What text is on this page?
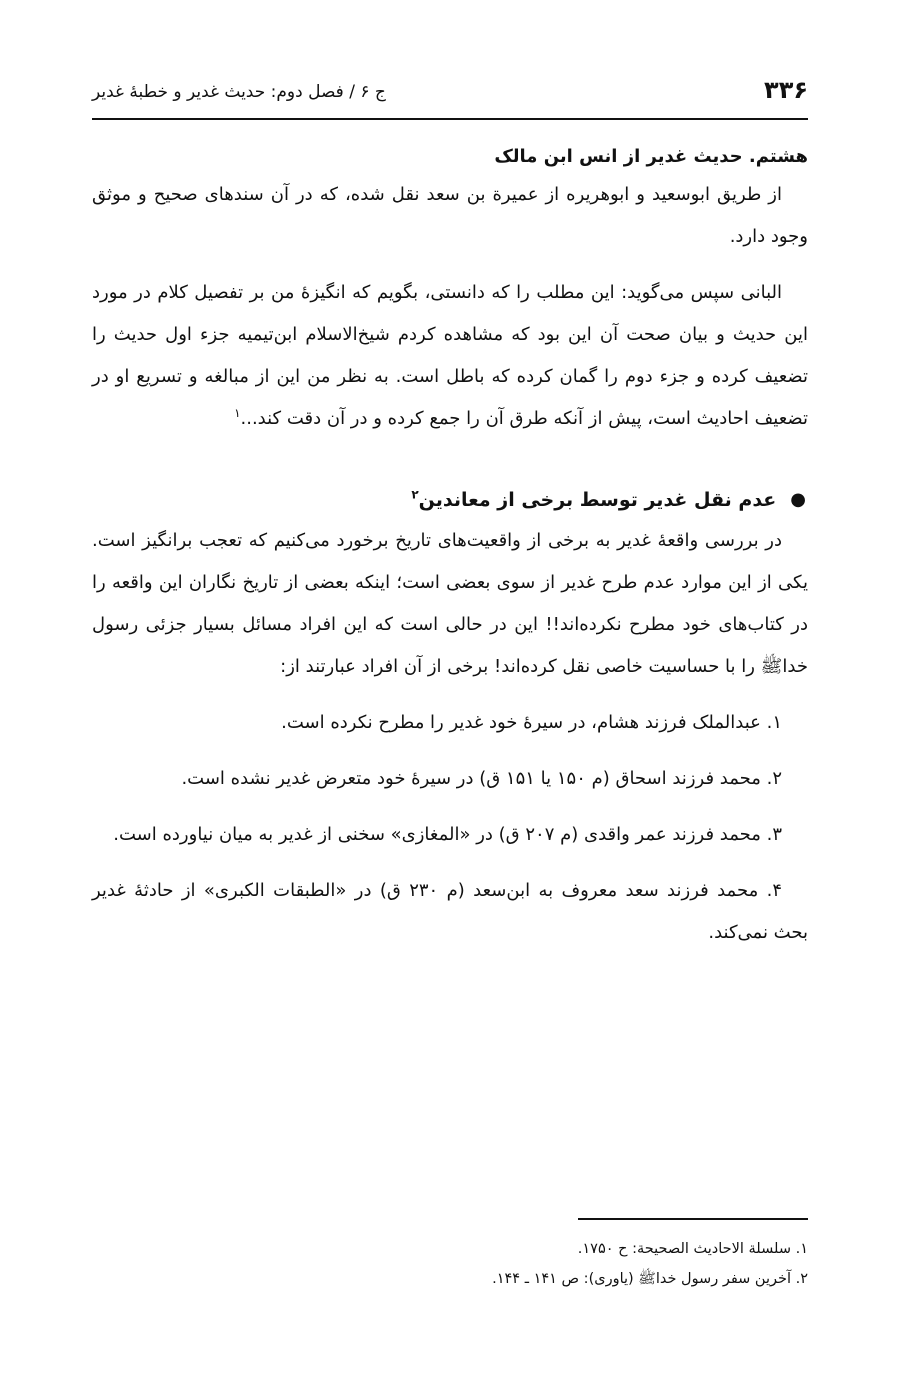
۳۳۶
ج ۶ / فصل دوم: حدیث غدیر و خطبهٔ غدیر

هشتم. حدیث غدیر از انس ابن مالک

از طریق ابوسعید و ابوهریره از عمیرة بن سعد نقل شده، که در آن سندهای صحیح و موثق وجود دارد.

البانی سپس می‌گوید: این مطلب را که دانستی، بگویم که انگیزهٔ من بر تفصیل کلام در مورد این حدیث و بیان صحت آن این بود که مشاهده کردم شیخ‌الاسلام ابن‌تیمیه جزء اول حدیث را تضعیف کرده و جزء دوم را گمان کرده که باطل است. به نظر من این از مبالغه و تسریع او در تضعیف احادیث است، پیش از آنکه طرق آن را جمع کرده و در آن دقت کند...$^۱$

●
عدم نقل غدیر توسط برخی از معاندین$^۲$

در بررسی واقعهٔ غدیر به برخی از واقعیت‌های تاریخ برخورد می‌کنیم که تعجب برانگیز است. یکی از این موارد عدم طرح غدیر از سوی بعضی است؛ اینکه بعضی از تاریخ نگاران این واقعه را در کتاب‌های خود مطرح نکرده‌اند!! این در حالی است که این افراد مسائل بسیار جزئی رسول خداﷺ را با حساسیت خاصی نقل کرده‌اند! برخی از آن افراد عبارتند از:

۱. عبدالملک فرزند هشام، در سیرهٔ خود غدیر را مطرح نکرده است.

۲. محمد فرزند اسحاق (م ۱۵۰ یا ۱۵۱ ق) در سیرهٔ خود متعرض غدیر نشده است.

۳. محمد فرزند عمر واقدی (م ۲۰۷ ق) در «المغازی» سخنی از غدیر به میان نیاورده است.

۴. محمد فرزند سعد معروف به ابن‌سعد (م ۲۳۰ ق) در «الطبقات الکبری» از حادثهٔ غدیر بحث نمی‌کند.

۱. سلسلة الاحادیث الصحیحة: ح ۱۷۵۰.

۲. آخرین سفر رسول خداﷺ (یاوری): ص ۱۴۱ ـ ۱۴۴.
